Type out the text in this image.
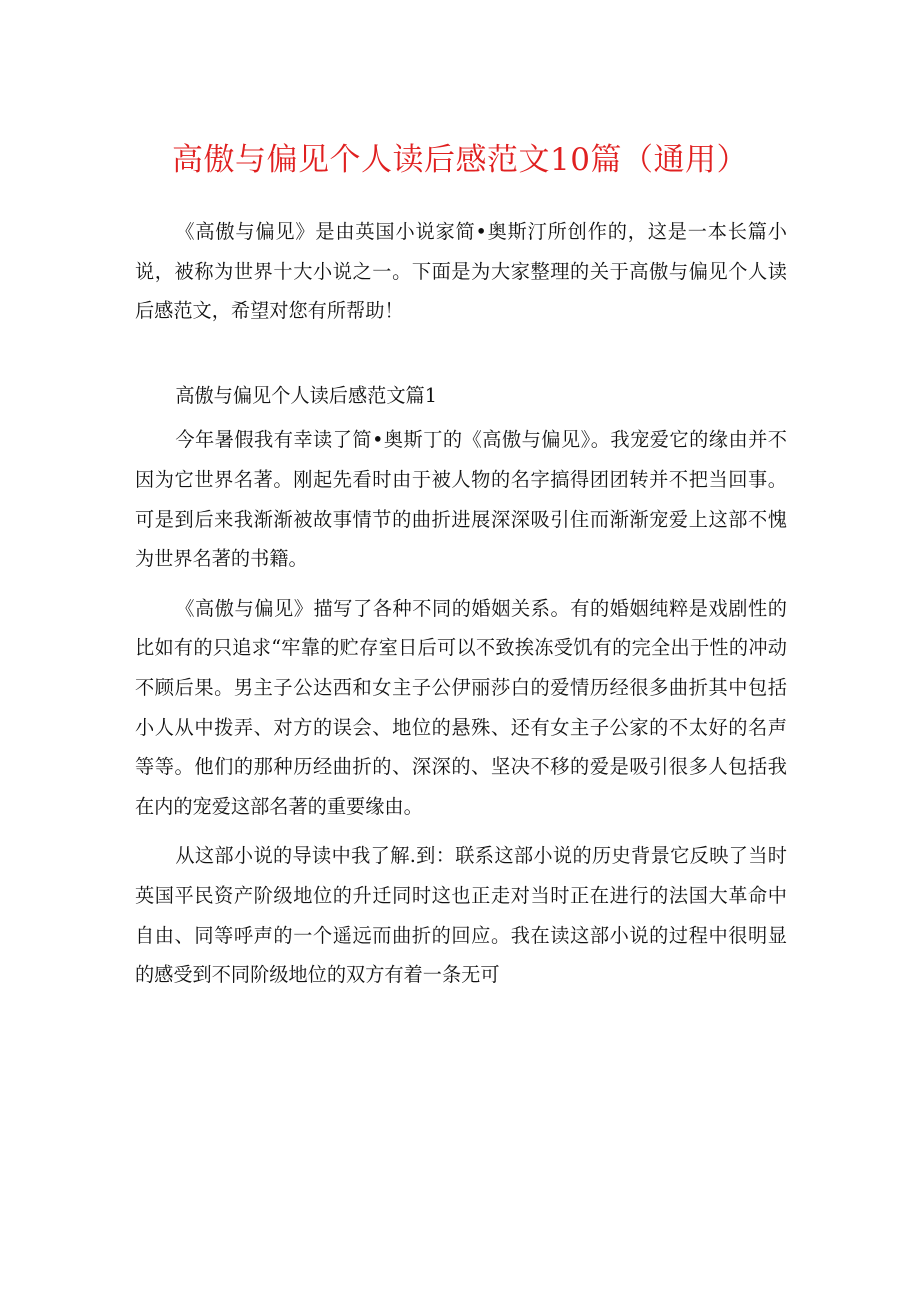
高傲与偏见个人读后感范文10篇（通用）

《高傲与偏见》是由英国小说家简•奥斯汀所创作的，这是一本长篇小说，被称为世界十大小说之一。下面是为大家整理的关于高傲与偏见个人读后感范文，希望对您有所帮助！

高傲与偏见个人读后感范文篇1

今年暑假我有幸读了简•奥斯丁的《高傲与偏见》。我宠爱它的缘由并不因为它世界名著。刚起先看时由于被人物的名字搞得团团转并不把当回事。可是到后来我渐渐被故事情节的曲折进展深深吸引住而渐渐宠爱上这部不愧为世界名著的书籍。

《高傲与偏见》描写了各种不同的婚姻关系。有的婚姻纯粹是戏剧性的比如有的只追求“牢靠的贮存室日后可以不致挨冻受饥有的完全出于性的冲动不顾后果。男主子公达西和女主子公伊丽莎白的爱情历经很多曲折其中包括小人从中拨弄、对方的误会、地位的悬殊、还有女主子公家的不太好的名声等等。他们的那种历经曲折的、深深的、坚决不移的爱是吸引很多人包括我在内的宠爱这部名著的重要缘由。

从这部小说的导读中我了解.到：联系这部小说的历史背景它反映了当时英国平民资产阶级地位的升迁同时这也正走对当时正在进行的法国大革命中自由、同等呼声的一个遥远而曲折的回应。我在读这部小说的过程中很明显的感受到不同阶级地位的双方有着一条无可
